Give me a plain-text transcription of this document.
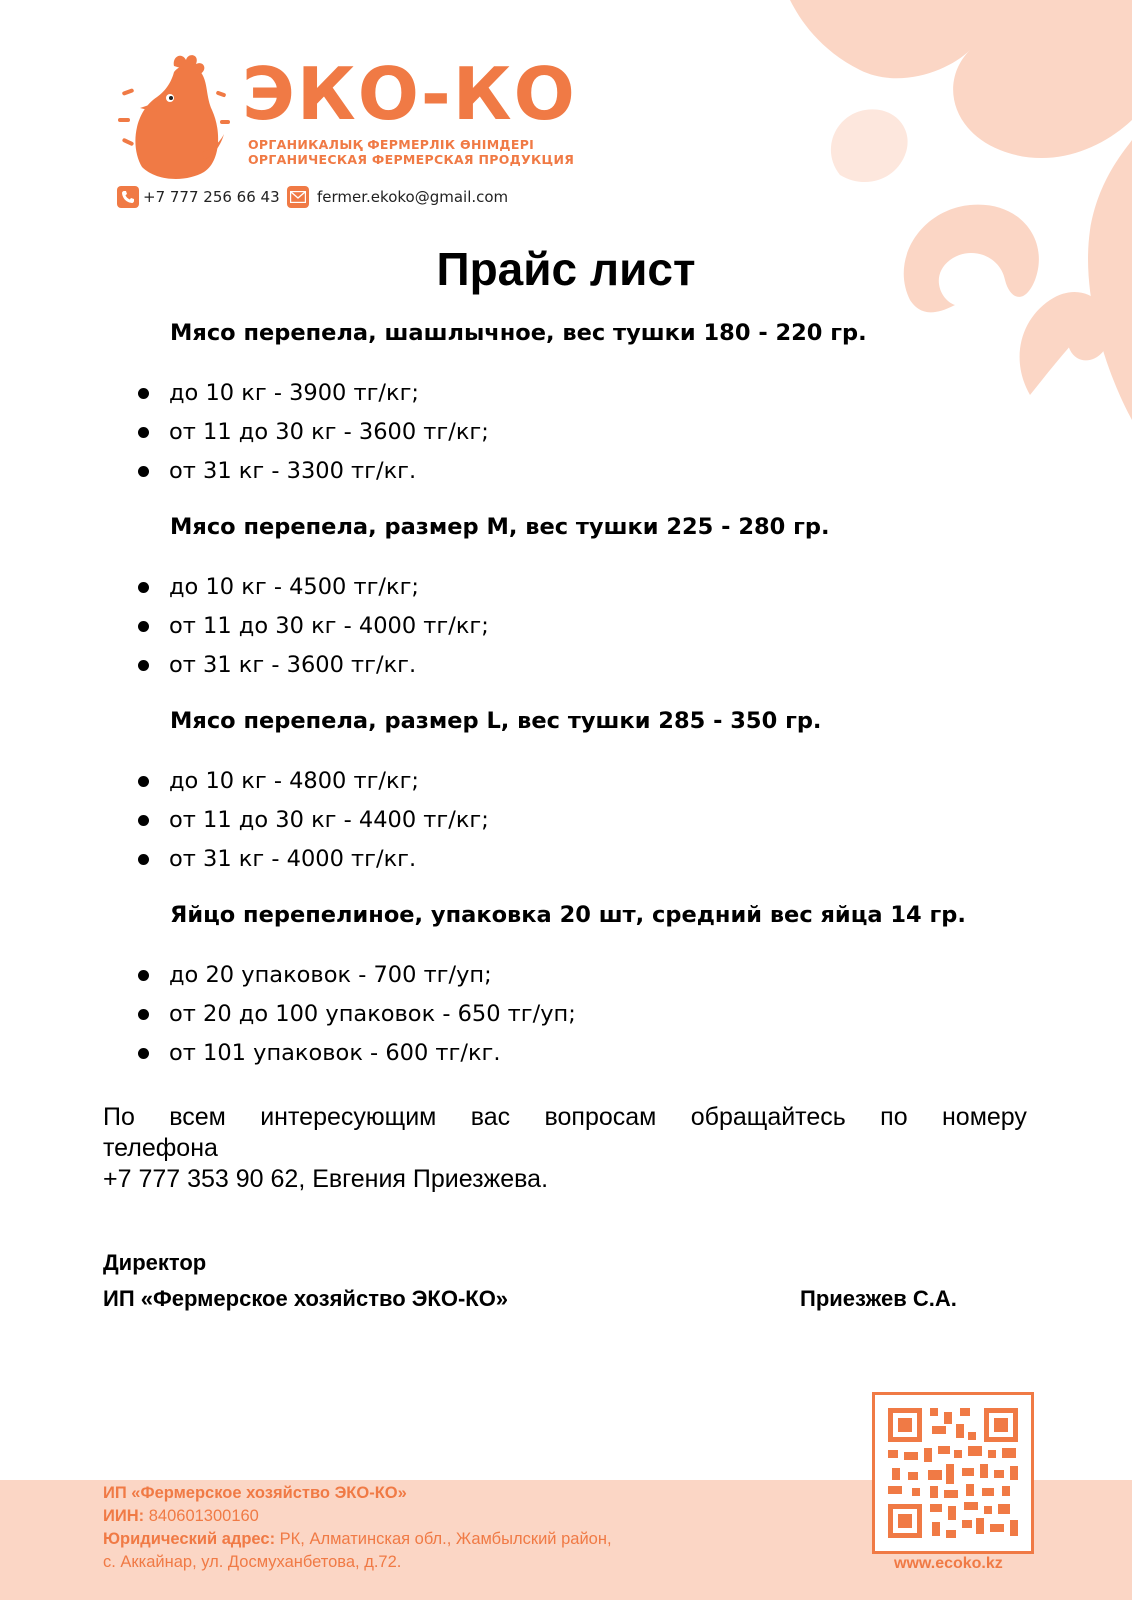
ЭКО-КО
ОРГАНИКАЛЫҚ ФЕРМЕРЛІК ӨНІМДЕРІ
ОРГАНИЧЕСКАЯ ФЕРМЕРСКАЯ ПРОДУКЦИЯ
+7 777 256 66 43 fermer.ekoko@gmail.com
Прайс лист
Мясо перепела, шашлычное, вес тушки 180 - 220 гр.
до 10 кг - 3900 тг/кг;
от 11 до 30 кг - 3600 тг/кг;
от 31 кг - 3300 тг/кг.
Мясо перепела, размер М, вес тушки 225 - 280 гр.
до 10 кг - 4500 тг/кг;
от 11 до 30 кг - 4000 тг/кг;
от 31 кг - 3600 тг/кг.
Мясо перепела, размер L, вес тушки 285 - 350 гр.
до 10 кг - 4800 тг/кг;
от 11 до 30 кг - 4400 тг/кг;
от 31 кг - 4000 тг/кг.
Яйцо перепелиное, упаковка 20 шт, средний вес яйца 14 гр.
до 20 упаковок - 700 тг/уп;
от 20 до 100 упаковок - 650 тг/уп;
от 101 упаковок - 600 тг/кг.
По всем интересующим вас вопросам обращайтесь по номеру
телефона
+7 777 353 90 62, Евгения Приезжева.
Директор
ИП «Фермерское хозяйство ЭКО-КО»	Приезжев С.А.
ИП «Фермерское хозяйство ЭКО-КО»
ИИН: 840601300160
Юридический адрес: РК, Алматинская обл., Жамбылский район,
с. Аккайнар, ул. Досмуханбетова, д.72.	www.ecoko.kz
